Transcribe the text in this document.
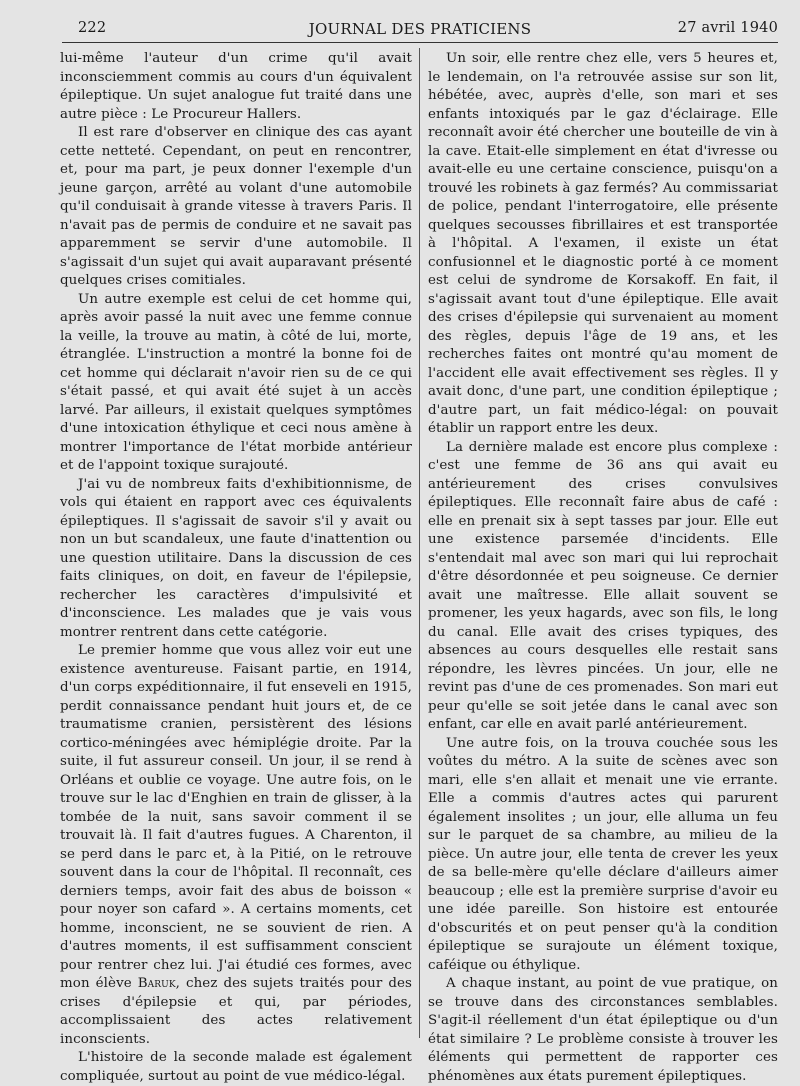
222	JOURNAL DES PRATICIENS	27 avril 1940

lui-même l'auteur d'un crime qu'il avait inconsciemment commis au cours d'un équivalent épileptique. Un sujet analogue fut traité dans une autre pièce : Le Procureur Hallers.

Il est rare d'observer en clinique des cas ayant cette netteté. Cependant, on peut en rencontrer, et, pour ma part, je peux donner l'exemple d'un jeune garçon, arrêté au volant d'une automobile qu'il conduisait à grande vitesse à travers Paris. Il n'avait pas de permis de conduire et ne savait pas apparemment se servir d'une automobile. Il s'agissait d'un sujet qui avait auparavant présenté quelques crises comitiales.

Un autre exemple est celui de cet homme qui, après avoir passé la nuit avec une femme connue la veille, la trouve au matin, à côté de lui, morte, étranglée. L'instruction a montré la bonne foi de cet homme qui déclarait n'avoir rien su de ce qui s'était passé, et qui avait été sujet à un accès larvé. Par ailleurs, il existait quelques symptômes d'une intoxication éthylique et ceci nous amène à montrer l'importance de l'état morbide antérieur et de l'appoint toxique surajouté.

J'ai vu de nombreux faits d'exhibitionnisme, de vols qui étaient en rapport avec ces équivalents épileptiques. Il s'agissait de savoir s'il y avait ou non un but scandaleux, une faute d'inattention ou une question utilitaire. Dans la discussion de ces faits cliniques, on doit, en faveur de l'épilepsie, rechercher les caractères d'impulsivité et d'inconscience. Les malades que je vais vous montrer rentrent dans cette catégorie.

Le premier homme que vous allez voir eut une existence aventureuse. Faisant partie, en 1914, d'un corps expéditionnaire, il fut enseveli en 1915, perdit connaissance pendant huit jours et, de ce traumatisme cranien, persistèrent des lésions cortico-méningées avec hémiplégie droite. Par la suite, il fut assureur conseil. Un jour, il se rend à Orléans et oublie ce voyage. Une autre fois, on le trouve sur le lac d'Enghien en train de glisser, à la tombée de la nuit, sans savoir comment il se trouvait là. Il fait d'autres fugues. A Charenton, il se perd dans le parc et, à la Pitié, on le retrouve souvent dans la cour de l'hôpital. Il reconnaît, ces derniers temps, avoir fait des abus de boisson « pour noyer son cafard ». A certains moments, cet homme, inconscient, ne se souvient de rien. A d'autres moments, il est suffisamment conscient pour rentrer chez lui. J'ai étudié ces formes, avec mon élève Baruk, chez des sujets traités pour des crises d'épilepsie et qui, par périodes, accomplissaient des actes relativement inconscients.

L'histoire de la seconde malade est également compliquée, surtout au point de vue médico-légal.

Un soir, elle rentre chez elle, vers 5 heures et, le lendemain, on l'a retrouvée assise sur son lit, hébétée, avec, auprès d'elle, son mari et ses enfants intoxiqués par le gaz d'éclairage. Elle reconnaît avoir été chercher une bouteille de vin à la cave. Etait-elle simplement en état d'ivresse ou avait-elle eu une certaine conscience, puisqu'on a trouvé les robinets à gaz fermés? Au commissariat de police, pendant l'interrogatoire, elle présente quelques secousses fibrillaires et est transportée à l'hôpital. A l'examen, il existe un état confusionnel et le diagnostic porté à ce moment est celui de syndrome de Korsakoff. En fait, il s'agissait avant tout d'une épileptique. Elle avait des crises d'épilepsie qui survenaient au moment des règles, depuis l'âge de 19 ans, et les recherches faites ont montré qu'au moment de l'accident elle avait effectivement ses règles. Il y avait donc, d'une part, une condition épileptique ; d'autre part, un fait médico-légal: on pouvait établir un rapport entre les deux.

La dernière malade est encore plus complexe : c'est une femme de 36 ans qui avait eu antérieurement des crises convulsives épileptiques. Elle reconnaît faire abus de café : elle en prenait six à sept tasses par jour. Elle eut une existence parsemée d'incidents. Elle s'entendait mal avec son mari qui lui reprochait d'être désordonnée et peu soigneuse. Ce dernier avait une maîtresse. Elle allait souvent se promener, les yeux hagards, avec son fils, le long du canal. Elle avait des crises typiques, des absences au cours desquelles elle restait sans répondre, les lèvres pincées. Un jour, elle ne revint pas d'une de ces promenades. Son mari eut peur qu'elle se soit jetée dans le canal avec son enfant, car elle en avait parlé antérieurement.

Une autre fois, on la trouva couchée sous les voûtes du métro. A la suite de scènes avec son mari, elle s'en allait et menait une vie errante. Elle a commis d'autres actes qui parurent également insolites ; un jour, elle alluma un feu sur le parquet de sa chambre, au milieu de la pièce. Un autre jour, elle tenta de crever les yeux de sa belle-mère qu'elle déclare d'ailleurs aimer beaucoup ; elle est la première surprise d'avoir eu une idée pareille. Son histoire est entourée d'obscurités et on peut penser qu'à la condition épileptique se surajoute un élément toxique, caféique ou éthylique.

A chaque instant, au point de vue pratique, on se trouve dans des circonstances semblables. S'agit-il réellement d'un état épileptique ou d'un état similaire ? Le problème consiste à trouver les éléments qui permettent de rapporter ces phénomènes aux états purement épileptiques.
